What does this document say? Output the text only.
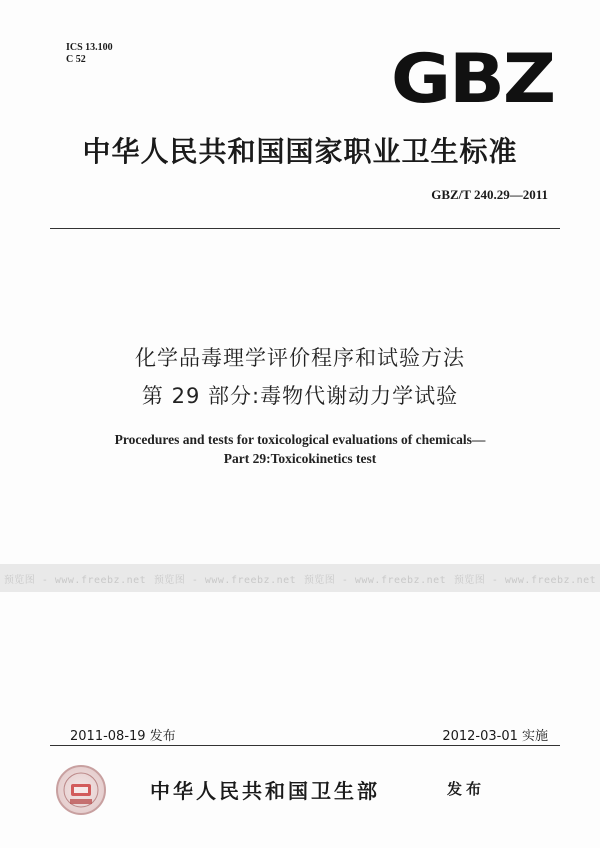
ICS 13.100
C 52	GBZ
中华人民共和国国家职业卫生标准
GBZ/T 240.29—2011
化学品毒理学评价程序和试验方法
第 29 部分:毒物代谢动力学试验
Procedures and tests for toxicological evaluations of chemicals—
Part 29:Toxicokinetics test
预览图 - www.freebz.net 预览图 - www.freebz.net 预览图 - www.freebz.net 预览图 - www.freebz.net
2011-08-19 发布	2012-03-01 实施
中华人民共和国卫生部	发布
